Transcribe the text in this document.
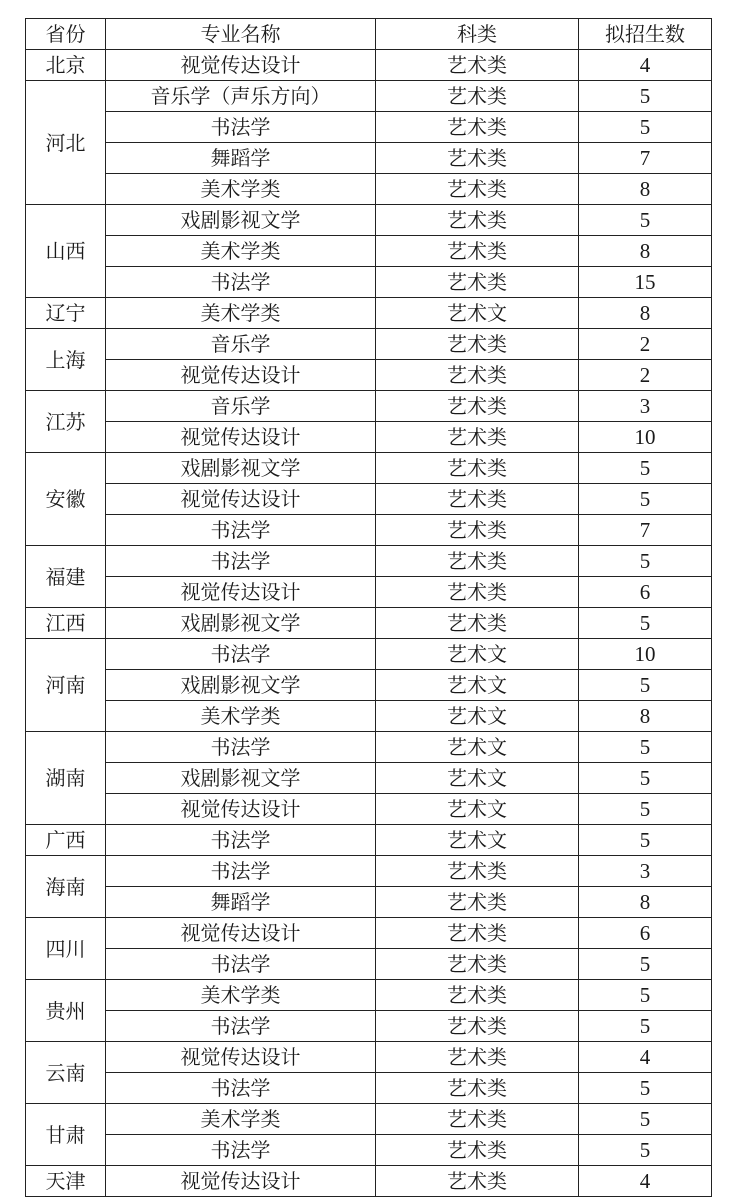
省份	专业名称	科类	拟招生数
北京	视觉传达设计	艺术类	4
河北	音乐学（声乐方向）	艺术类	5
	书法学	艺术类	5
	舞蹈学	艺术类	7
	美术学类	艺术类	8
山西	戏剧影视文学	艺术类	5
	美术学类	艺术类	8
	书法学	艺术类	15
辽宁	美术学类	艺术文	8
上海	音乐学	艺术类	2
	视觉传达设计	艺术类	2
江苏	音乐学	艺术类	3
	视觉传达设计	艺术类	10
安徽	戏剧影视文学	艺术类	5
	视觉传达设计	艺术类	5
	书法学	艺术类	7
福建	书法学	艺术类	5
	视觉传达设计	艺术类	6
江西	戏剧影视文学	艺术类	5
河南	书法学	艺术文	10
	戏剧影视文学	艺术文	5
	美术学类	艺术文	8
湖南	书法学	艺术文	5
	戏剧影视文学	艺术文	5
	视觉传达设计	艺术文	5
广西	书法学	艺术文	5
海南	书法学	艺术类	3
	舞蹈学	艺术类	8
四川	视觉传达设计	艺术类	6
	书法学	艺术类	5
贵州	美术学类	艺术类	5
	书法学	艺术类	5
云南	视觉传达设计	艺术类	4
	书法学	艺术类	5
甘肃	美术学类	艺术类	5
	书法学	艺术类	5
天津	视觉传达设计	艺术类	4
